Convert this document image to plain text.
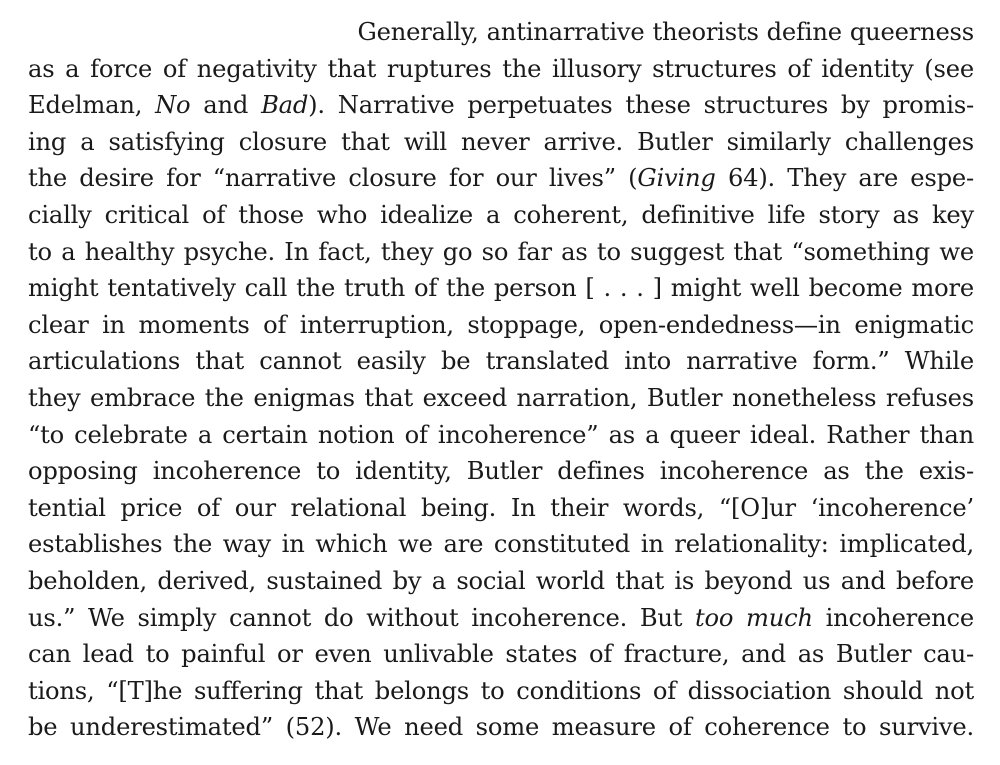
Generally, antinarrative theorists define queerness
as a force of negativity that ruptures the illusory structures of identity (see
Edelman, No and Bad). Narrative perpetuates these structures by promis-
ing a satisfying closure that will never arrive. Butler similarly challenges
the desire for “narrative closure for our lives” (Giving 64). They are espe-
cially critical of those who idealize a coherent, definitive life story as key
to a healthy psyche. In fact, they go so far as to suggest that “something we
might tentatively call the truth of the person [ . . . ] might well become more
clear in moments of interruption, stoppage, open-endedness—in enigmatic
articulations that cannot easily be translated into narrative form.” While
they embrace the enigmas that exceed narration, Butler nonetheless refuses
“to celebrate a certain notion of incoherence” as a queer ideal. Rather than
opposing incoherence to identity, Butler defines incoherence as the exis-
tential price of our relational being. In their words, “[O]ur ‘incoherence’
establishes the way in which we are constituted in relationality: implicated,
beholden, derived, sustained by a social world that is beyond us and before
us.” We simply cannot do without incoherence. But too much incoherence
can lead to painful or even unlivable states of fracture, and as Butler cau-
tions, “[T]he suffering that belongs to conditions of dissociation should not
be underestimated” (52). We need some measure of coherence to survive.
